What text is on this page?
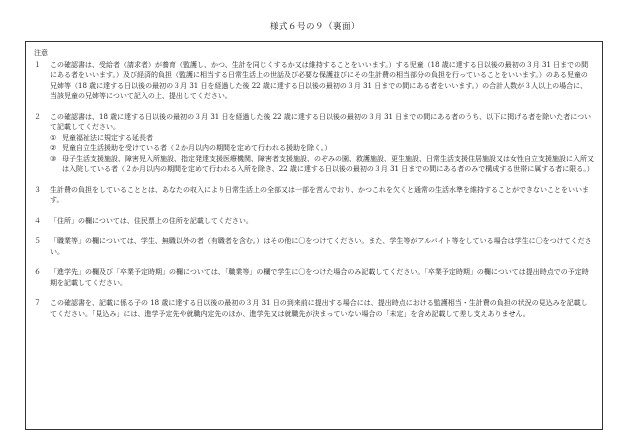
様式６号の９（裏面）
注意
１	この確認書は、受給者（請求者）が養育（監護し、かつ、生計を同じくするか又は維持することをいいます。）する児童（18 歳に達する日以後の最初の３月 31 日までの間にある者をいいます。）及び経済的負担（監護に相当する日常生活上の世話及び必要な保護並びにその生計費の相当部分の負担を行っていることをいいます。）のある児童の兄姉等（18 歳に達する日以後の最初の３月 31 日を経過した後 22 歳に達する日以後の最初の３月 31 日までの間にある者をいいます。）の合計人数が３人以上の場合に、当該児童の兄姉等について記入の上、提出してください。
２	この確認書は、18 歳に達する日以後の最初の３月 31 日を経過した後 22 歳に達する日以後の最初の３月 31 日までの間にある者のうち、以下に掲げる者を除いた者について記載してください。
① 児童福祉法に規定する延長者
② 児童自立生活援助を受けている者（２か月以内の期間を定めて行われる援助を除く。）
③ 母子生活支援施設、障害児入所施設、指定発達支援医療機関、障害者支援施設、のぞみの園、救護施設、更生施設、日常生活支援住居施設又は女性自立支援施設に入所又は入院している者（２か月以内の期間を定めて行われる入所を除き、22 歳に達する日以後の最初の３月 31 日までの間にある者のみで構成する世帯に属する者に限る。）
３	生計費の負担をしていることとは、あなたの収入により日常生活上の全部又は一部を営んでおり、かつこれを欠くと通常の生活水準を維持することができないことをいいます。
４	「住所」の欄については、住民票上の住所を記載してください。
５	「職業等」の欄については、学生、無職以外の者（有職者を含む。）はその他に〇をつけてください。また、学生等がアルバイト等をしている場合は学生に〇をつけてください。
６	「進学先」の欄及び「卒業予定時期」の欄については、「職業等」の欄で学生に〇をつけた場合のみ記載してください。「卒業予定時期」の欄については提出時点での予定時期を記載してください。
７	この確認書を、記載に係る子の 18 歳に達する日以後の最初の３月 31 日の到来前に提出する場合には、提出時点における監護相当・生計費の負担の状況の見込みを記載してください。「見込み」には、進学予定先や就職内定先のほか、進学先又は就職先が決まっていない場合の「未定」を含め記載して差し支えありません。
